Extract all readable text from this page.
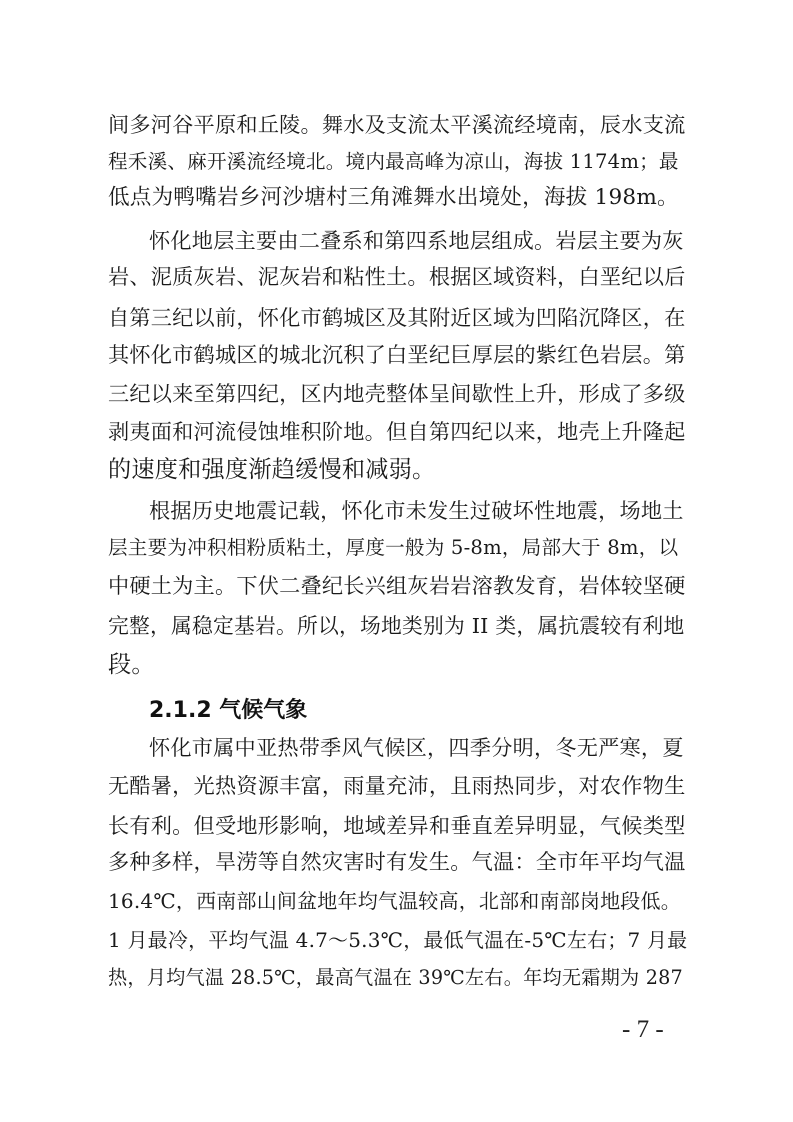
间多河谷平原和丘陵。舞水及支流太平溪流经境南，辰水支流
程禾溪、麻开溪流经境北。境内最高峰为凉山，海拔 1174m；最
低点为鸭嘴岩乡河沙塘村三角滩舞水出境处，海拔 198m。
怀化地层主要由二叠系和第四系地层组成。岩层主要为灰
岩、泥质灰岩、泥灰岩和粘性土。根据区域资料，白垩纪以后
自第三纪以前，怀化市鹤城区及其附近区域为凹陷沉降区，在
其怀化市鹤城区的城北沉积了白垩纪巨厚层的紫红色岩层。第
三纪以来至第四纪，区内地壳整体呈间歇性上升，形成了多级
剥夷面和河流侵蚀堆积阶地。但自第四纪以来，地壳上升隆起
的速度和强度渐趋缓慢和减弱。
根据历史地震记载，怀化市未发生过破坏性地震，场地土
层主要为冲积相粉质粘土，厚度一般为 5-8m，局部大于 8m，以
中硬土为主。下伏二叠纪长兴组灰岩岩溶教发育，岩体较坚硬
完整，属稳定基岩。所以，场地类别为 II 类，属抗震较有利地
段。
2.1.2 气候气象
怀化市属中亚热带季风气候区，四季分明，冬无严寒，夏
无酷暑，光热资源丰富，雨量充沛，且雨热同步，对农作物生
长有利。但受地形影响，地域差异和垂直差异明显，气候类型
多种多样，旱涝等自然灾害时有发生。气温：全市年平均气温
16.4℃，西南部山间盆地年均气温较高，北部和南部岗地段低。
1 月最冷，平均气温 4.7～5.3℃，最低气温在-5℃左右；7 月最
热，月均气温 28.5℃，最高气温在 39℃左右。年均无霜期为 287
- 7 -
